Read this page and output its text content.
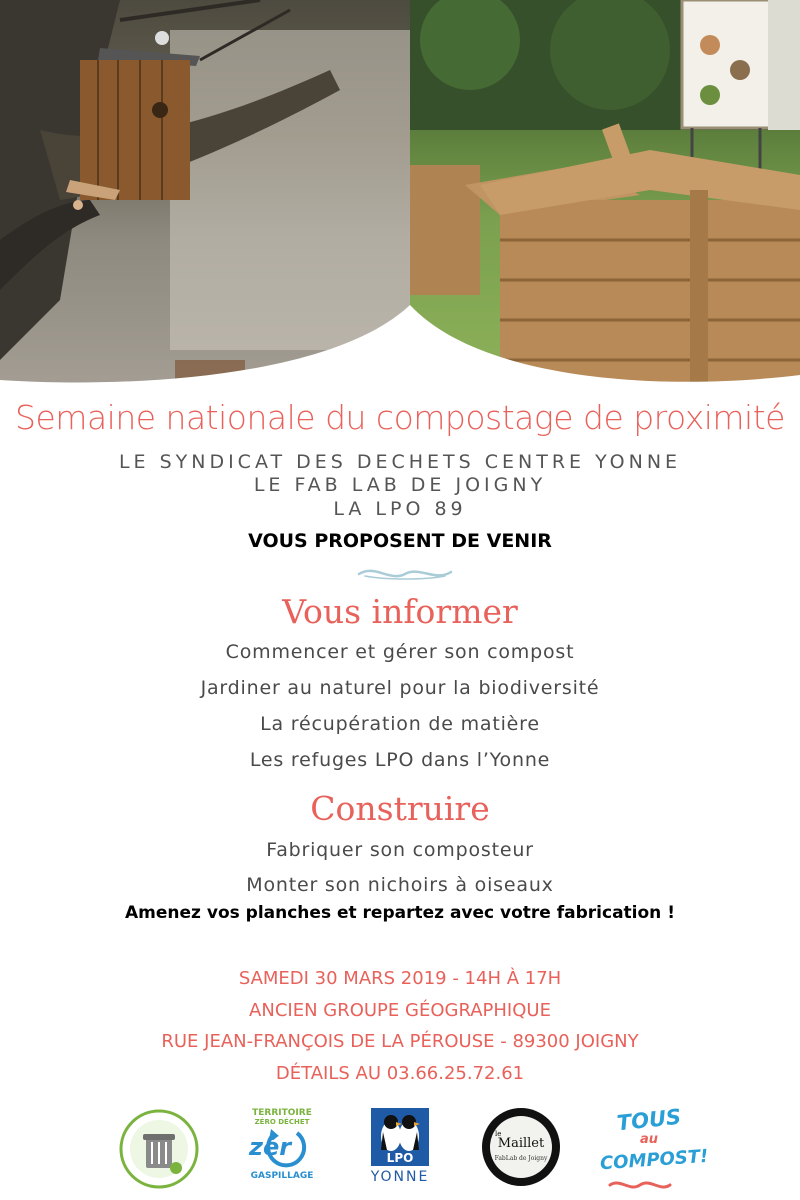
Semaine nationale du compostage de proximité
LE SYNDICAT DES DECHETS CENTRE YONNE
LE FAB LAB DE JOIGNY
LA LPO 89
VOUS PROPOSENT DE VENIR
Vous informer
Commencer et gérer son compost
Jardiner au naturel pour la biodiversité
La récupération de matière
Les refuges LPO dans l’Yonne
Construire
Fabriquer son composteur
Monter son nichoirs à oiseaux
Amenez vos planches et repartez avec votre fabrication !
SAMEDI 30 MARS 2019 - 14H À 17H
ANCIEN GROUPE GÉOGRAPHIQUE
RUE JEAN-FRANÇOIS DE LA PÉROUSE - 89300 JOIGNY
DÉTAILS AU 03.66.25.72.61
TERRITOIRE
ZÉRO DÉCHET
zér
GASPILLAGE
LPO
YONNE
le
Maillet
FabLab de Joigny
TOUS
au
COMPOST!
